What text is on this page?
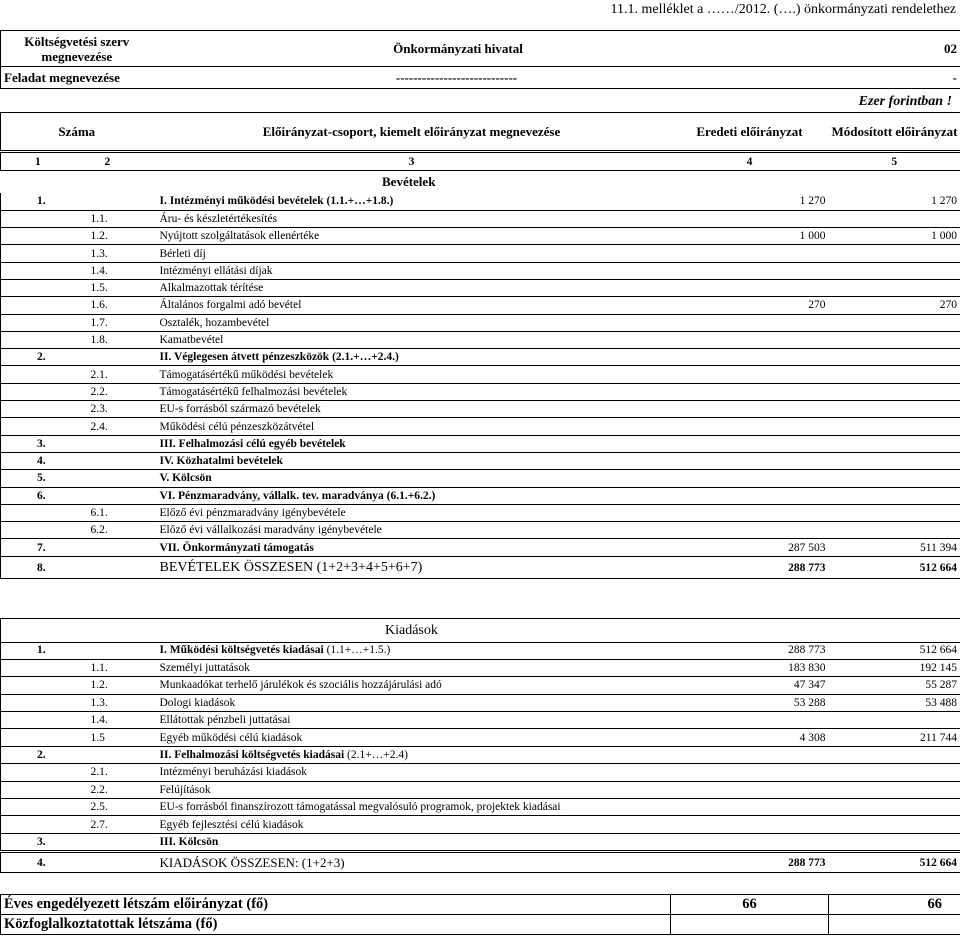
11.1. melléklet a ……/2012. (….) önkormányzati rendelethez
Költségvetési szerv megnevezése	Önkormányzati hivatal	02
Feladat megnevezése	----------------------------	-
Ezer forintban !
Száma	Előirányzat-csoport, kiemelt előirányzat megnevezése	Eredeti előirányzat	Módosított előirányzat
1	2	3	4	5
Bevételek
1.		I. Intézményi működési bevételek (1.1.+…+1.8.)	1 270	1 270
	1.1.	Áru- és készletértékesítés		
	1.2.	Nyújtott szolgáltatások ellenértéke	1 000	1 000
	1.3.	Bérleti díj		
	1.4.	Intézményi ellátási díjak		
	1.5.	Alkalmazottak térítése		
	1.6.	Általános forgalmi adó bevétel	270	270
	1.7.	Osztalék, hozambevétel		
	1.8.	Kamatbevétel		
2.		II. Véglegesen átvett pénzeszközök (2.1.+…+2.4.)		
	2.1.	Támogatásértékű működési bevételek		
	2.2.	Támogatásértékű felhalmozási bevételek		
	2.3.	EU-s forrásból származó bevételek		
	2.4.	Működési célú pénzeszközátvétel		
3.		III. Felhalmozási célú egyéb bevételek		
4.		IV. Közhatalmi bevételek		
5.		V. Kölcsön		
6.		VI. Pénzmaradvány, vállalk. tev. maradványa (6.1.+6.2.)		
	6.1.	Előző évi pénzmaradvány igénybevétele		
	6.2.	Előző évi vállalkozási maradvány igénybevétele		
7.		VII. Önkormányzati támogatás	287 503	511 394
8.	BEVÉTELEK ÖSSZESEN (1+2+3+4+5+6+7)	288 773	512 664
Kiadások
1.		I. Működési költségvetés kiadásai (1.1+…+1.5.)	288 773	512 664
	1.1.	Személyi juttatások	183 830	192 145
	1.2.	Munkaadókat terhelő járulékok és szociális hozzájárulási adó	47 347	55 287
	1.3.	Dologi kiadások	53 288	53 488
	1.4.	Ellátottak pénzbeli juttatásai		
	1.5	Egyéb működési célú kiadások	4 308	211 744
2.		II. Felhalmozási költségvetés kiadásai (2.1+…+2.4)		
	2.1.	Intézményi beruházási kiadások		
	2.2.	Felújítások		
	2.5.	EU-s forrásból finanszírozott támogatással megvalósuló programok, projektek kiadásai		
	2.7.	Egyéb fejlesztési célú kiadások		
3.		III. Kölcsön		
4.	KIADÁSOK ÖSSZESEN: (1+2+3)	288 773	512 664
Éves engedélyezett létszám előirányzat (fő)	66	66
Közfoglalkoztatottak létszáma (fő)		
